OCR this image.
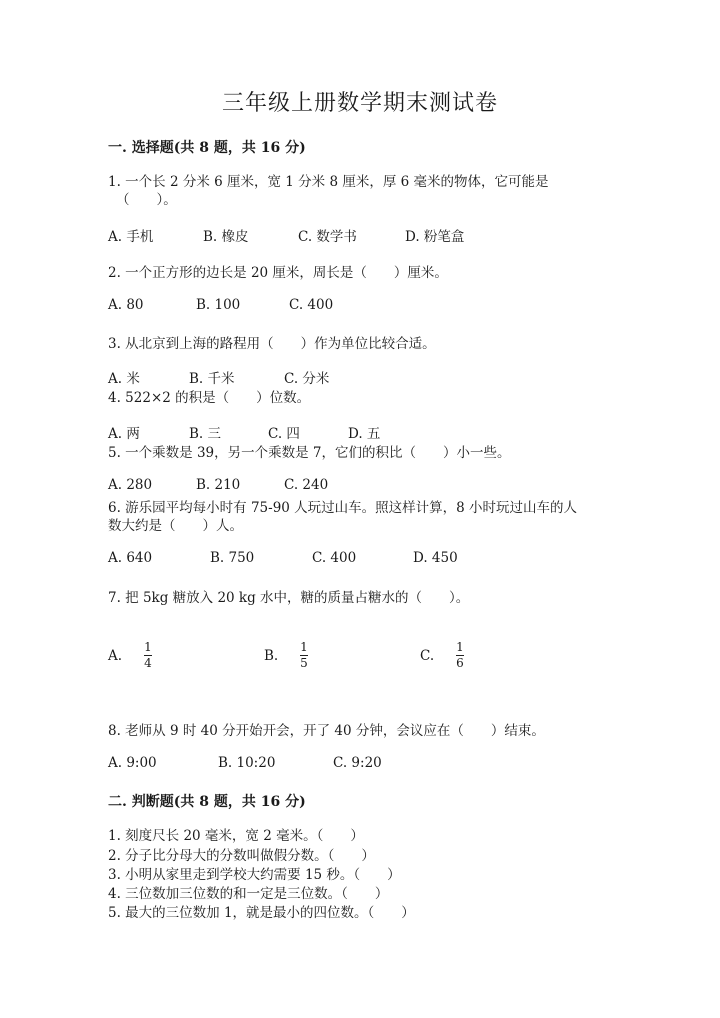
三年级上册数学期末测试卷
一. 选择题(共 8 题，共 16 分)
1. 一个长 2 分米 6 厘米，宽 1 分米 8 厘米，厚 6 毫米的物体，它可能是
（　　）。
A. 手机	B. 橡皮	C. 数学书	D. 粉笔盒
2. 一个正方形的边长是 20 厘米，周长是（　　）厘米。
A. 80	B. 100	C. 400
3. 从北京到上海的路程用（　　）作为单位比较合适。
A. 米	B. 千米	C. 分米
4. 522×2 的积是（　　）位数。
A. 两	B. 三	C. 四	D. 五
5. 一个乘数是 39，另一个乘数是 7，它们的积比（　　）小一些。
A. 280	B. 210	C. 240
6. 游乐园平均每小时有 75-90 人玩过山车。照这样计算，8 小时玩过山车的人
数大约是（　　）人。
A. 640	B. 750	C. 400	D. 450
7. 把 5kg 糖放入 20 kg 水中，糖的质量占糖水的（　　）。
A.
1
4	B.
1
5	C.
1
6
8. 老师从 9 时 40 分开始开会，开了 40 分钟，会议应在（　　）结束。
A. 9:00	B. 10:20	C. 9:20
二. 判断题(共 8 题，共 16 分)
1. 刻度尺长 20 毫米，宽 2 毫米。（　　）
2. 分子比分母大的分数叫做假分数。（　　）
3. 小明从家里走到学校大约需要 15 秒。（　　）
4. 三位数加三位数的和一定是三位数。（　　）
5. 最大的三位数加 1，就是最小的四位数。（　　）
